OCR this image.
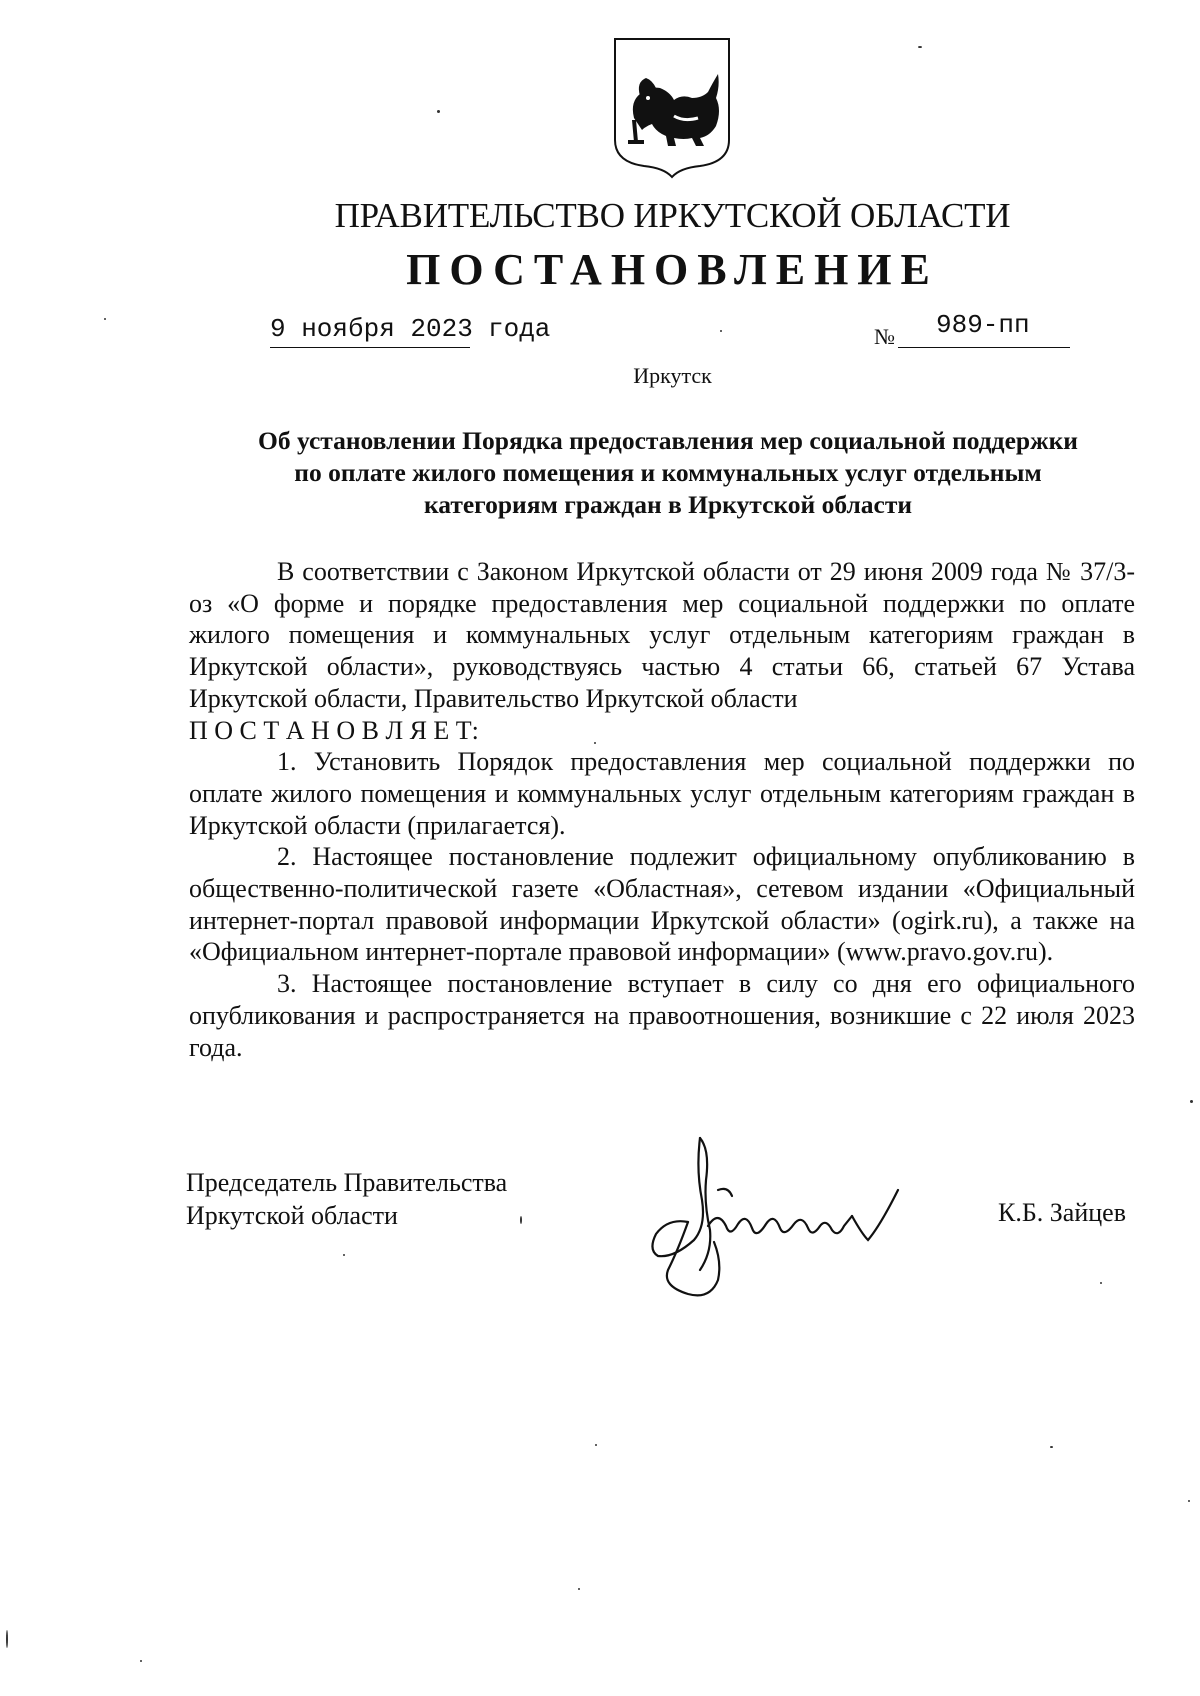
ПРАВИТЕЛЬСТВО ИРКУТСКОЙ ОБЛАСТИ
ПОСТАНОВЛЕНИЕ
9 ноября 2023 года	№ 989-пп
Иркутск
Об установлении Порядка предоставления мер социальной поддержки
по оплате жилого помещения и коммунальных услуг отдельным
категориям граждан в Иркутской области

В соответствии с Законом Иркутской области от 29 июня 2009 года № 37/3-оз «О форме и порядке предоставления мер социальной поддержки по оплате жилого помещения и коммунальных услуг отдельным категориям граждан в Иркутской области», руководствуясь частью 4 статьи 66, статьей 67 Устава Иркутской области, Правительство Иркутской области

П О С Т А Н О В Л Я Е Т:

1. Установить Порядок предоставления мер социальной поддержки по оплате жилого помещения и коммунальных услуг отдельным категориям граждан в Иркутской области (прилагается).

2. Настоящее постановление подлежит официальному опубликованию в общественно-политической газете «Областная», сетевом издании «Официальный интернет-портал правовой информации Иркутской области» (ogirk.ru), а также на «Официальном интернет-портале правовой информации» (www.pravo.gov.ru).

3. Настоящее постановление вступает в силу со дня его официального опубликования и распространяется на правоотношения, возникшие с 22 июля 2023 года.

Председатель Правительства
Иркутской области	К.Б. Зайцев
